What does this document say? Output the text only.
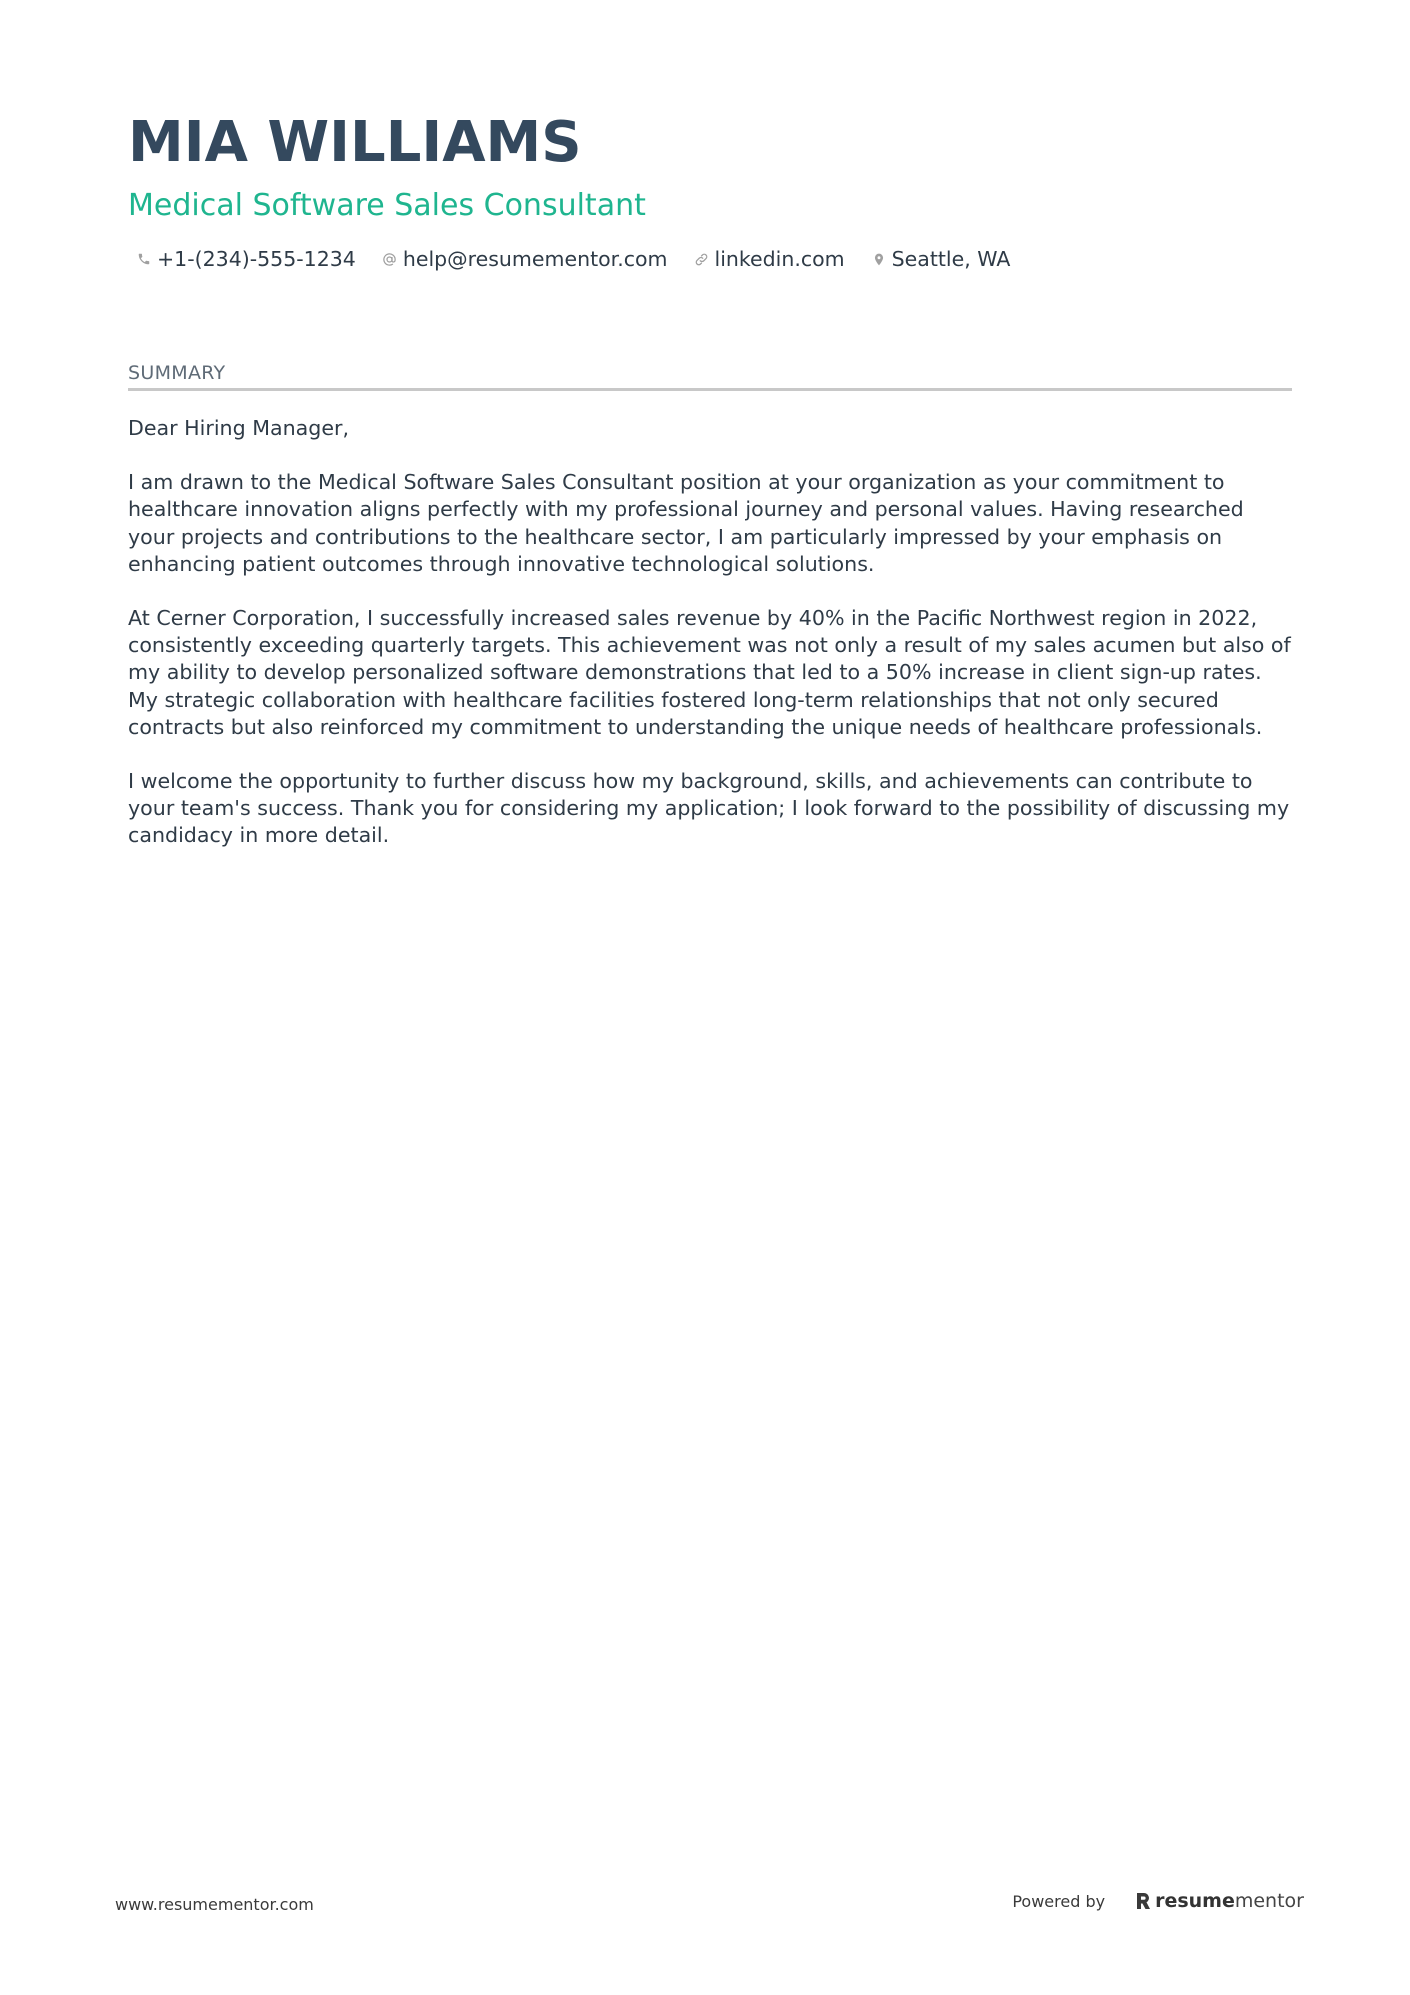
MIA WILLIAMS
Medical Software Sales Consultant
+1-(234)-555-1234 help@resumementor.com linkedin.com Seattle, WA
SUMMARY

Dear Hiring Manager,

I am drawn to the Medical Software Sales Consultant position at your organization as your commitment to healthcare innovation aligns perfectly with my professional journey and personal values. Having researched your projects and contributions to the healthcare sector, I am particularly impressed by your emphasis on enhancing patient outcomes through innovative technological solutions.

At Cerner Corporation, I successfully increased sales revenue by 40% in the Pacific Northwest region in 2022, consistently exceeding quarterly targets. This achievement was not only a result of my sales acumen but also of my ability to develop personalized software demonstrations that led to a 50% increase in client sign-up rates. My strategic collaboration with healthcare facilities fostered long-term relationships that not only secured contracts but also reinforced my commitment to understanding the unique needs of healthcare professionals.

I welcome the opportunity to further discuss how my background, skills, and achievements can contribute to your team's success. Thank you for considering my application; I look forward to the possibility of discussing my candidacy in more detail.

www.resumementor.com	Powered by	resume mentor
